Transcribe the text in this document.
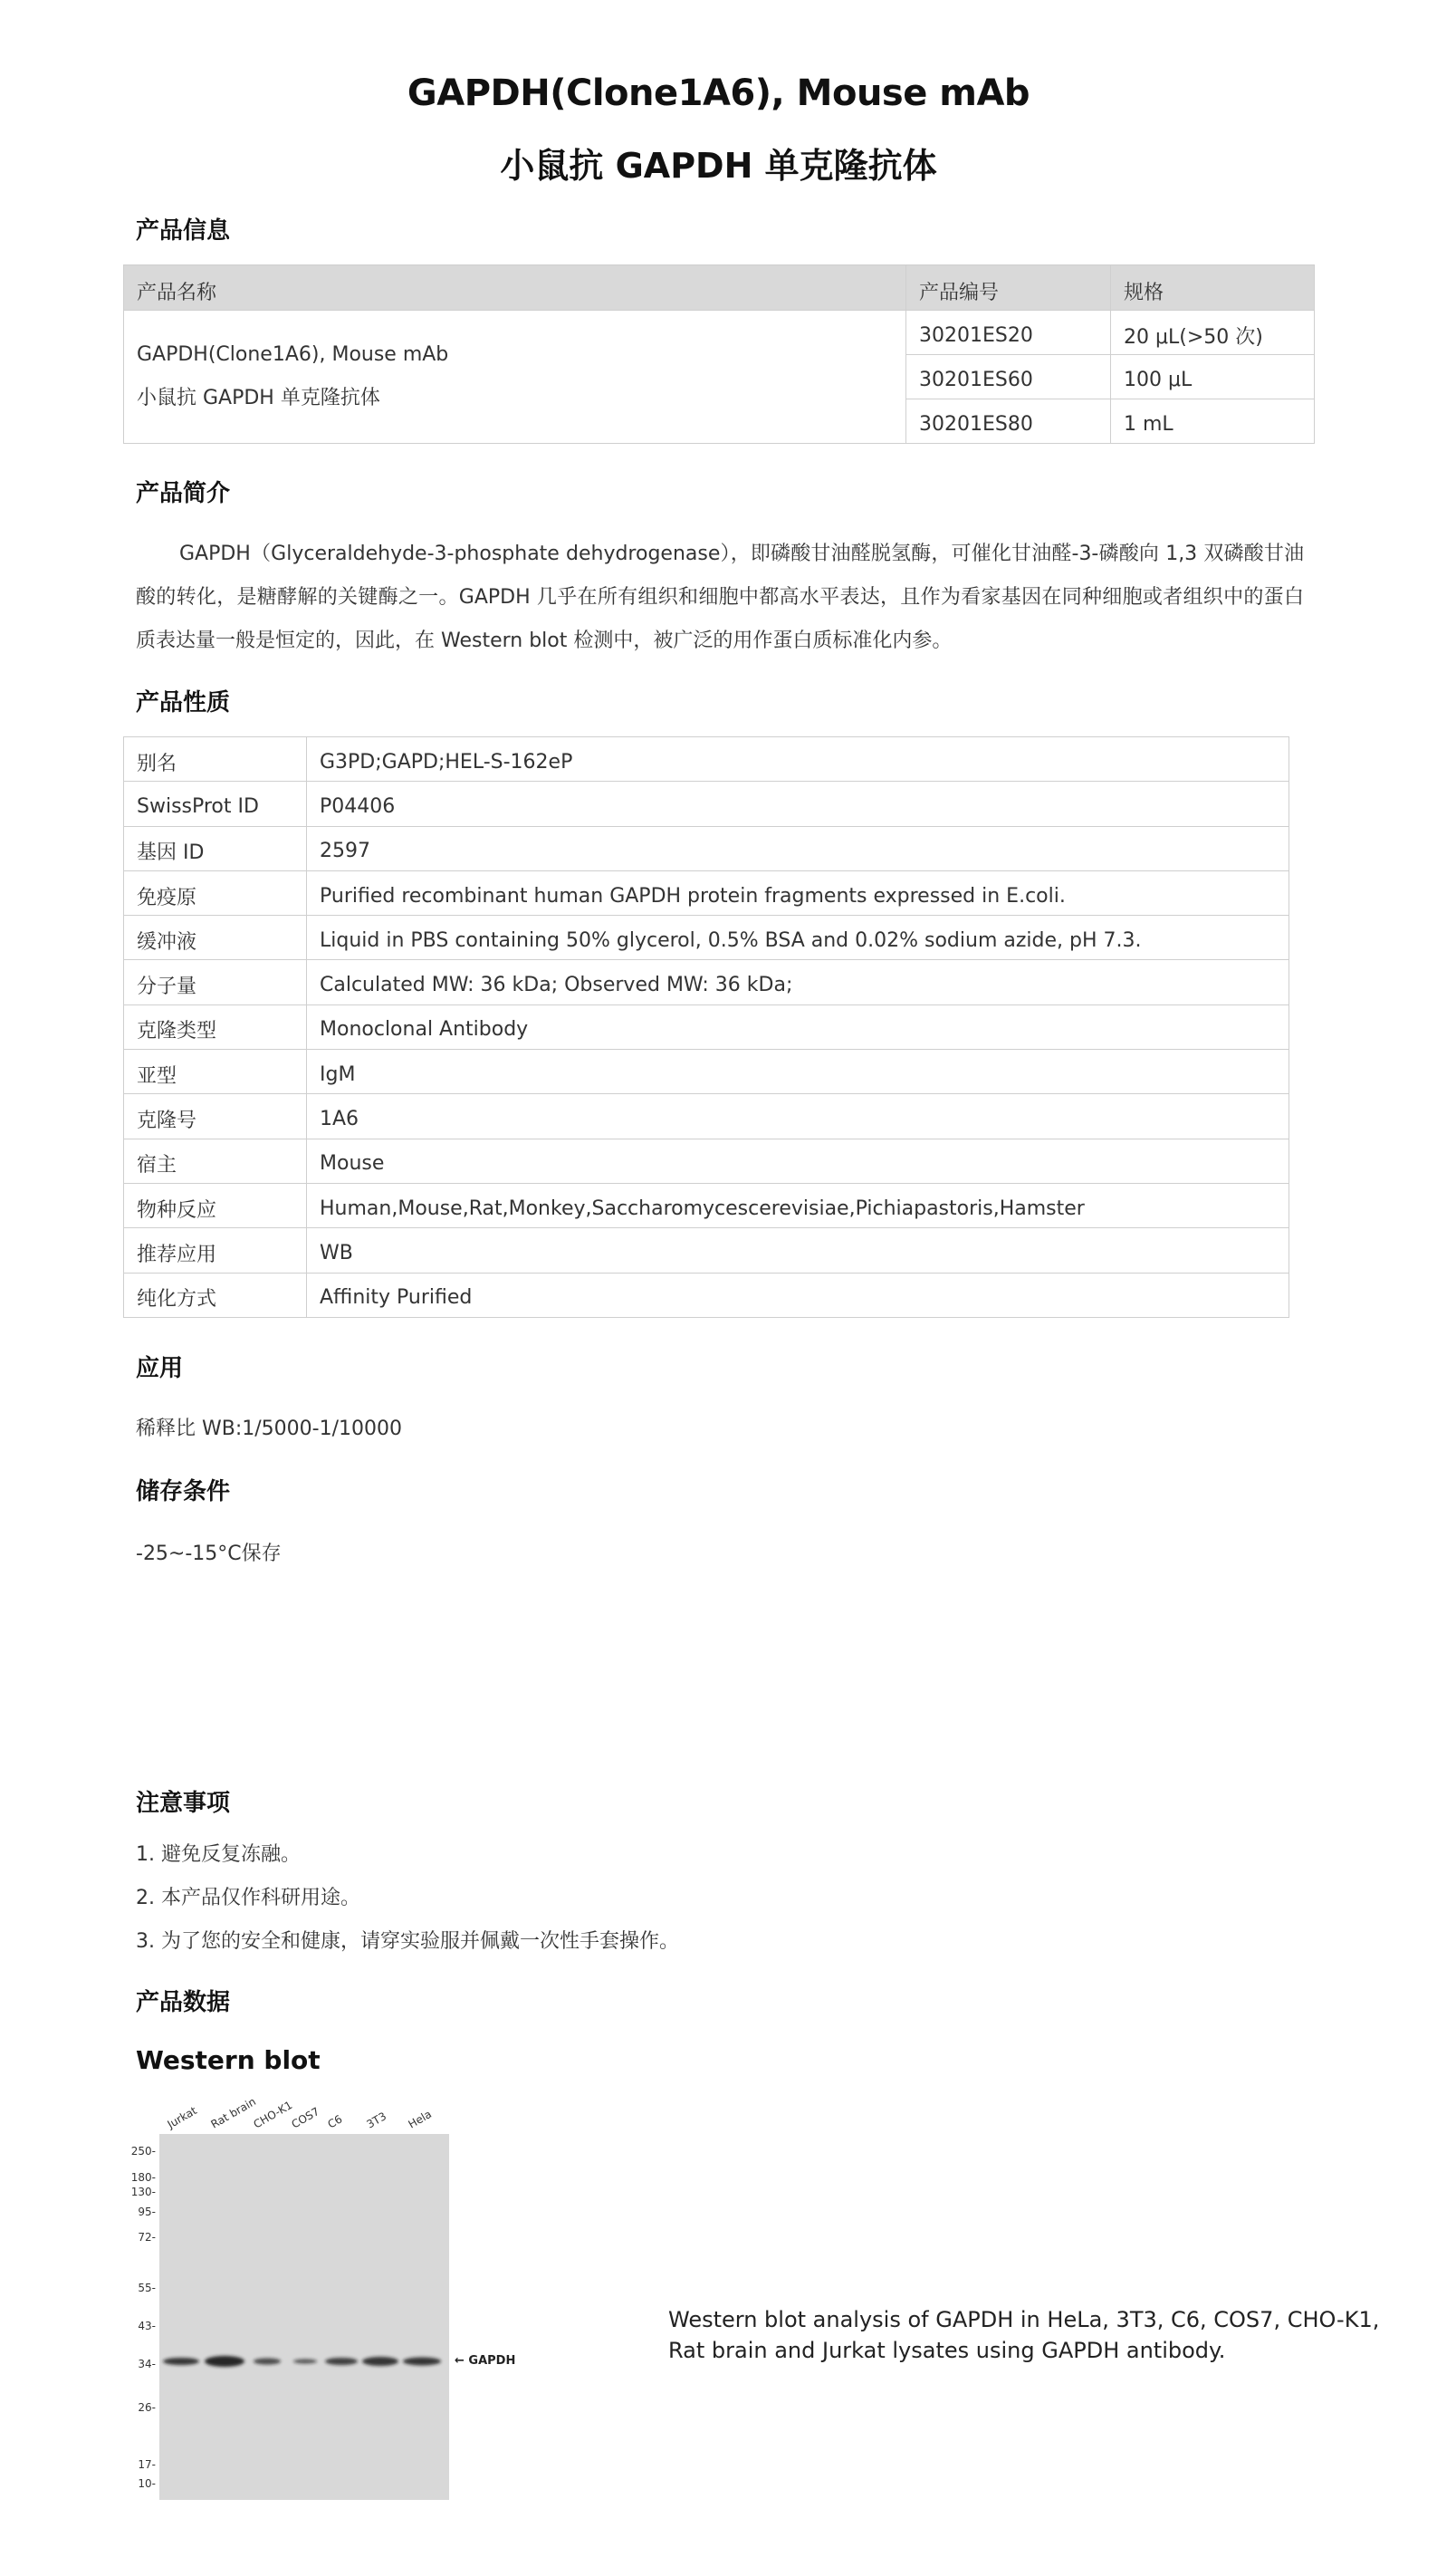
GAPDH(Clone1A6), Mouse mAb
小鼠抗 GAPDH 单克隆抗体
产品信息
产品名称	产品编号	规格

GAPDH(Clone1A6), Mouse mAb
小鼠抗 GAPDH 单克隆抗体	30201ES20	20 μL(>50 次)
	30201ES60	100 μL
	30201ES80	1 mL
产品简介
GAPDH（Glyceraldehyde-3-phosphate dehydrogenase），即磷酸甘油醛脱氢酶，可催化甘油醛-3-磷酸向 1,3 双磷酸甘油酸的转化，是糖酵解的关键酶之一。GAPDH 几乎在所有组织和细胞中都高水平表达，且作为看家基因在同种细胞或者组织中的蛋白质表达量一般是恒定的，因此，在 Western blot 检测中，被广泛的用作蛋白质标准化内参。
产品性质
别名	G3PD;GAPD;HEL-S-162eP
SwissProt ID	P04406
基因 ID	2597
免疫原	Purified recombinant human GAPDH protein fragments expressed in E.coli.
缓冲液	Liquid in PBS containing 50% glycerol, 0.5% BSA and 0.02% sodium azide, pH 7.3.
分子量	Calculated MW: 36 kDa; Observed MW: 36 kDa;
克隆类型	Monoclonal Antibody
亚型	IgM
克隆号	1A6
宿主	Mouse
物种反应	Human,Mouse,Rat,Monkey,Saccharomycescerevisiae,Pichiapastoris,Hamster
推荐应用	WB
纯化方式	Affinity Purified
应用
稀释比 WB:1/5000-1/10000
储存条件
-25~-15°C保存
注意事项
1. 避免反复冻融。
2. 本产品仅作科研用途。
3. 为了您的安全和健康，请穿实验服并佩戴一次性手套操作。
产品数据
Western blot
Jurkat Rat brain
CHO-K1
COS7 C6 3T3 Hela
250-
180-
130-
95-
72-
55-
43-
34-
26-
17-
10-
← GAPDH
Western blot analysis of GAPDH in HeLa, 3T3, C6, COS7, CHO-K1, Rat brain and Jurkat lysates using GAPDH antibody.
